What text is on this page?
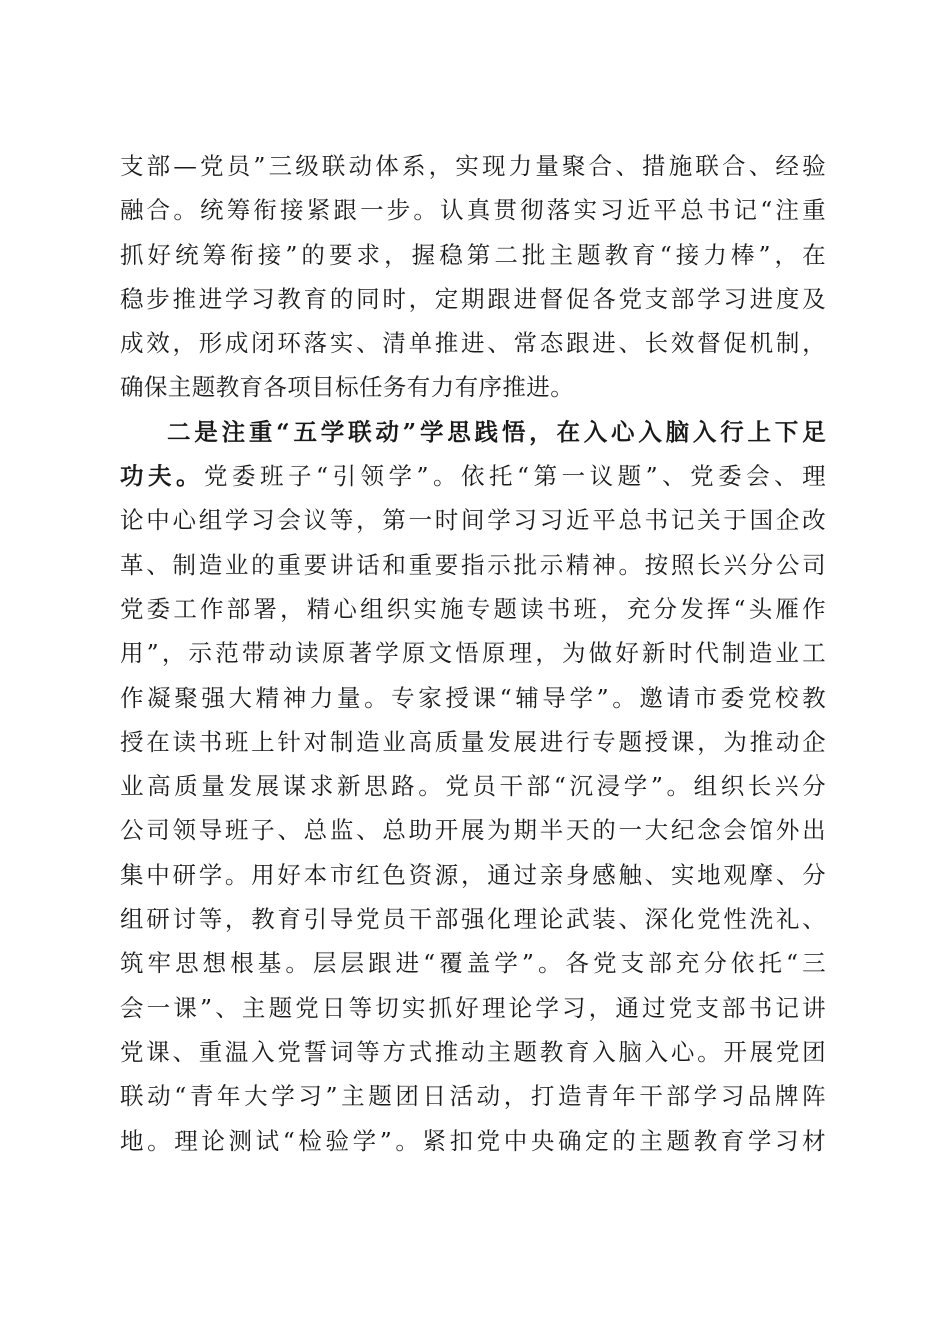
支部—党员”三级联动体系，实现力量聚合、措施联合、经验
融合。统筹衔接紧跟一步。认真贯彻落实习近平总书记“注重
抓好统筹衔接”的要求，握稳第二批主题教育“接力棒”，在
稳步推进学习教育的同时，定期跟进督促各党支部学习进度及
成效，形成闭环落实、清单推进、常态跟进、长效督促机制，
确保主题教育各项目标任务有力有序推进。
二是注重“五学联动”学思践悟，在入心入脑入行上下足
功夫。党委班子“引领学”。依托“第一议题”、党委会、理
论中心组学习会议等，第一时间学习习近平总书记关于国企改
革、制造业的重要讲话和重要指示批示精神。按照长兴分公司
党委工作部署，精心组织实施专题读书班，充分发挥“头雁作
用”，示范带动读原著学原文悟原理，为做好新时代制造业工
作凝聚强大精神力量。专家授课“辅导学”。邀请市委党校教
授在读书班上针对制造业高质量发展进行专题授课，为推动企
业高质量发展谋求新思路。党员干部“沉浸学”。组织长兴分
公司领导班子、总监、总助开展为期半天的一大纪念会馆外出
集中研学。用好本市红色资源，通过亲身感触、实地观摩、分
组研讨等，教育引导党员干部强化理论武装、深化党性洗礼、
筑牢思想根基。层层跟进“覆盖学”。各党支部充分依托“三
会一课”、主题党日等切实抓好理论学习，通过党支部书记讲
党课、重温入党誓词等方式推动主题教育入脑入心。开展党团
联动“青年大学习”主题团日活动，打造青年干部学习品牌阵
地。理论测试“检验学”。紧扣党中央确定的主题教育学习材
